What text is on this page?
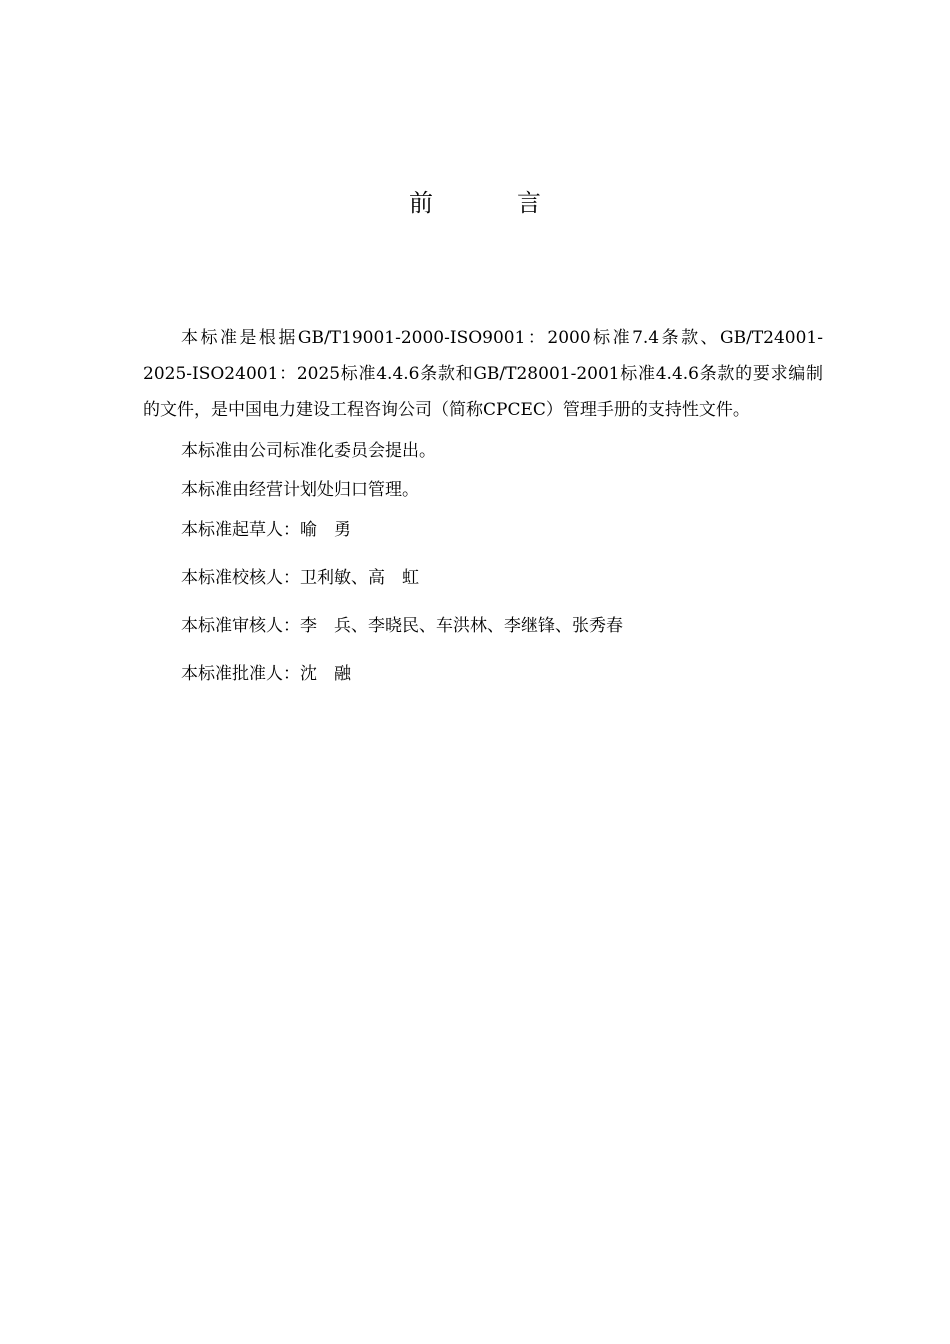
前　言

本标准是根据GB/T19001-2000-ISO9001：2000标准7.4条款、GB/T24001-2025-ISO24001：2025标准4.4.6条款和GB/T28001-2001标准4.4.6条款的要求编制的文件，是中国电力建设工程咨询公司（简称CPCEC）管理手册的支持性文件。

本标准由公司标准化委员会提出。

本标准由经营计划处归口管理。

本标准起草人：喻　勇

本标准校核人：卫利敏、高　虹

本标准审核人：李　兵、李晓民、车洪林、李继锋、张秀春

本标准批准人：沈　融
